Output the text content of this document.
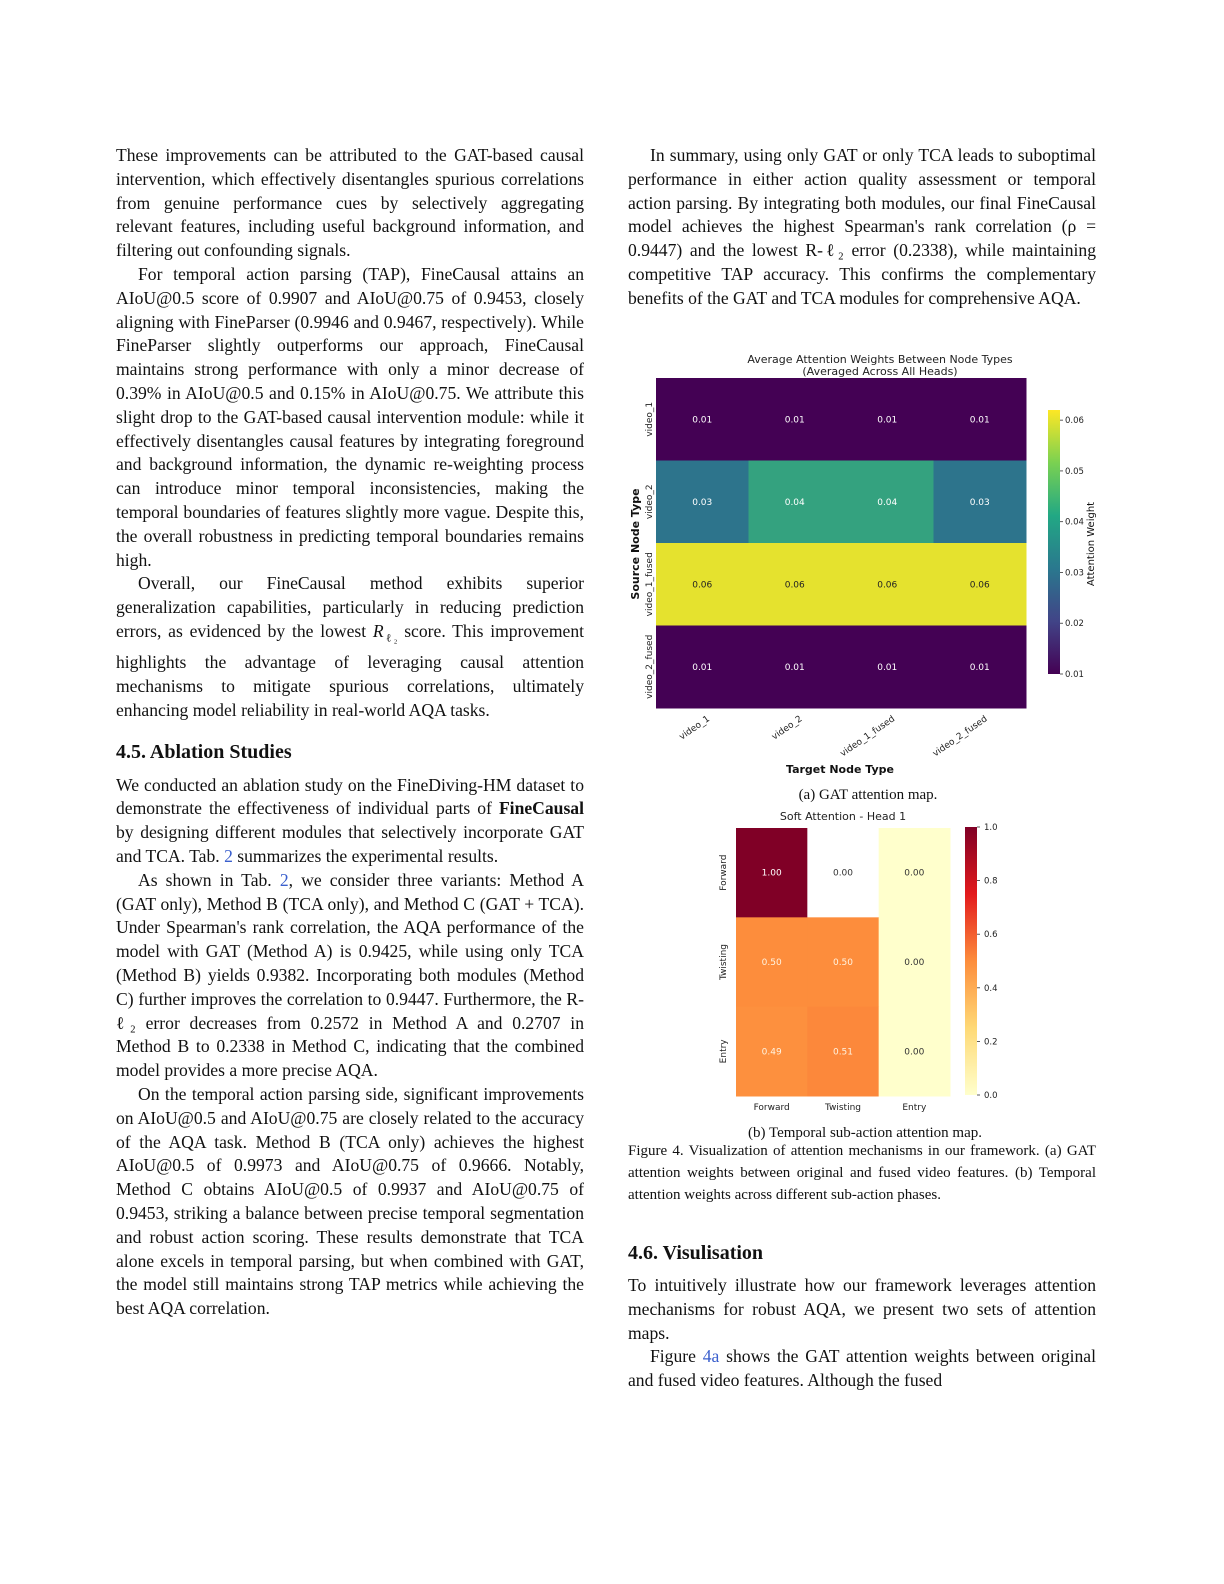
These improvements can be attributed to the GAT-based causal intervention, which effectively disentangles spurious correlations from genuine performance cues by selectively aggregating relevant features, including useful background information, and filtering out confounding signals.

For temporal action parsing (TAP), FineCausal attains an AIoU@0.5 score of 0.9907 and AIoU@0.75 of 0.9453, closely aligning with FineParser (0.9946 and 0.9467, respectively). While FineParser slightly outperforms our approach, FineCausal maintains strong performance with only a minor decrease of 0.39% in AIoU@0.5 and 0.15% in AIoU@0.75. We attribute this slight drop to the GAT-based causal intervention module: while it effectively disentangles causal features by integrating foreground and background information, the dynamic re-weighting process can introduce minor temporal inconsistencies, making the temporal boundaries of features slightly more vague. Despite this, the overall robustness in predicting temporal boundaries remains high.

Overall, our FineCausal method exhibits superior generalization capabilities, particularly in reducing prediction errors, as evidenced by the lowest $R_{\ell_2}$ score. This improvement highlights the advantage of leveraging causal attention mechanisms to mitigate spurious correlations, ultimately enhancing model reliability in real-world AQA tasks.

4.5. Ablation Studies

We conducted an ablation study on the FineDiving-HM dataset to demonstrate the effectiveness of individual parts of FineCausal by designing different modules that selectively incorporate GAT and TCA. Tab. 2 summarizes the experimental results.

As shown in Tab. 2, we consider three variants: Method A (GAT only), Method B (TCA only), and Method C (GAT + TCA). Under Spearman's rank correlation, the AQA performance of the model with GAT (Method A) is 0.9425, while using only TCA (Method B) yields 0.9382. Incorporating both modules (Method C) further improves the correlation to 0.9447. Furthermore, the R-ℓ₂ error decreases from 0.2572 in Method A and 0.2707 in Method B to 0.2338 in Method C, indicating that the combined model provides a more precise AQA.

On the temporal action parsing side, significant improvements on AIoU@0.5 and AIoU@0.75 are closely related to the accuracy of the AQA task. Method B (TCA only) achieves the highest AIoU@0.5 of 0.9973 and AIoU@0.75 of 0.9666. Notably, Method C obtains AIoU@0.5 of 0.9937 and AIoU@0.75 of 0.9453, striking a balance between precise temporal segmentation and robust action scoring. These results demonstrate that TCA alone excels in temporal parsing, but when combined with GAT, the model still maintains strong TAP metrics while achieving the best AQA correlation.

In summary, using only GAT or only TCA leads to suboptimal performance in either action quality assessment or temporal action parsing. By integrating both modules, our final FineCausal model achieves the highest Spearman's rank correlation (ρ = 0.9447) and the lowest R-ℓ₂ error (0.2338), while maintaining competitive TAP accuracy. This confirms the complementary benefits of the GAT and TCA modules for comprehensive AQA.

Average Attention Weights Between Node Types
(Averaged Across All Heads)
0.01	0.01	0.01	0.01
0.03	0.04	0.04	0.03
0.06	0.06	0.06	0.06
0.01	0.01	0.01	0.01
video_1
video_2
video_1_fused
video_2_fused
video_1	video_2	video_1_fused	video_2_fused
Source Node Type
Target Node Type
0.01
0.02
0.03
0.04
0.05
0.06
Attention Weight
(a) GAT attention map.
Soft Attention - Head 1
1.00	0.00	0.00
0.50	0.50	0.00
0.49	0.51	0.00
Forward
Twisting
Entry
Forward	Twisting	Entry
0.0
0.2
0.4
0.6
0.8
1.0
(b) Temporal sub-action attention map.
Figure 4. Visualization of attention mechanisms in our framework. (a) GAT attention weights between original and fused video features. (b) Temporal attention weights across different sub-action phases.
4.6. Visulisation

To intuitively illustrate how our framework leverages attention mechanisms for robust AQA, we present two sets of attention maps.

Figure 4a shows the GAT attention weights between original and fused video features. Although the fused
